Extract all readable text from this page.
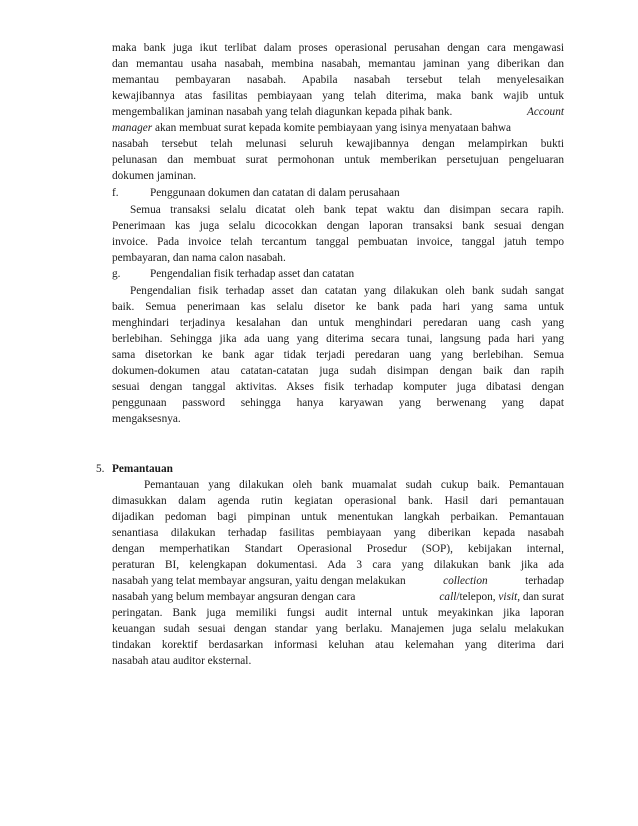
maka bank juga ikut terlibat dalam proses operasional perusahan dengan cara mengawasi
dan memantau usaha nasabah, membina nasabah, memantau jaminan yang diberikan dan
memantau pembayaran nasabah. Apabila nasabah tersebut telah menyelesaikan
kewajibannya atas fasilitas pembiayaan yang telah diterima, maka bank wajib untuk
mengembalikan jaminan nasabah yang telah diagunkan kepada pihak bank.	Account
manager akan membuat surat kepada komite pembiayaan yang isinya menyataan bahwa
nasabah tersebut telah melunasi seluruh kewajibannya dengan melampirkan bukti
pelunasan dan membuat surat permohonan untuk memberikan persetujuan pengeluaran
dokumen jaminan.
f.	Penggunaan dokumen dan catatan di dalam perusahaan
Semua transaksi selalu dicatat oleh bank tepat waktu dan disimpan secara rapih.
Penerimaan kas juga selalu dicocokkan dengan laporan transaksi bank sesuai dengan
invoice. Pada invoice telah tercantum tanggal pembuatan invoice, tanggal jatuh tempo
pembayaran, dan nama calon nasabah.
g.	Pengendalian fisik terhadap asset dan catatan
Pengendalian fisik terhadap asset dan catatan yang dilakukan oleh bank sudah sangat
baik. Semua penerimaan kas selalu disetor ke bank pada hari yang sama untuk
menghindari terjadinya kesalahan dan untuk menghindari peredaran uang cash yang
berlebihan. Sehingga jika ada uang yang diterima secara tunai, langsung pada hari yang
sama disetorkan ke bank agar tidak terjadi peredaran uang yang berlebihan. Semua
dokumen-dokumen atau catatan-catatan juga sudah disimpan dengan baik dan rapih
sesuai dengan tanggal aktivitas. Akses fisik terhadap komputer juga dibatasi dengan
penggunaan password sehingga hanya karyawan yang berwenang yang dapat
mengaksesnya.
5. Pemantauan
Pemantauan yang dilakukan oleh bank muamalat sudah cukup baik. Pemantauan
dimasukkan dalam agenda rutin kegiatan operasional bank. Hasil dari pemantauan
dijadikan pedoman bagi pimpinan untuk menentukan langkah perbaikan. Pemantauan
senantiasa dilakukan terhadap fasilitas pembiayaan yang diberikan kepada nasabah
dengan memperhatikan Standart Operasional Prosedur (SOP), kebijakan internal,
peraturan BI, kelengkapan dokumentasi. Ada 3 cara yang dilakukan bank jika ada
nasabah yang telat membayar angsuran, yaitu dengan melakukan	collection	terhadap
nasabah yang belum membayar angsuran dengan cara	call/telepon, visit, dan surat
peringatan. Bank juga memiliki fungsi audit internal untuk meyakinkan jika laporan
keuangan sudah sesuai dengan standar yang berlaku. Manajemen juga selalu melakukan
tindakan korektif berdasarkan informasi keluhan atau kelemahan yang diterima dari
nasabah atau auditor eksternal.
